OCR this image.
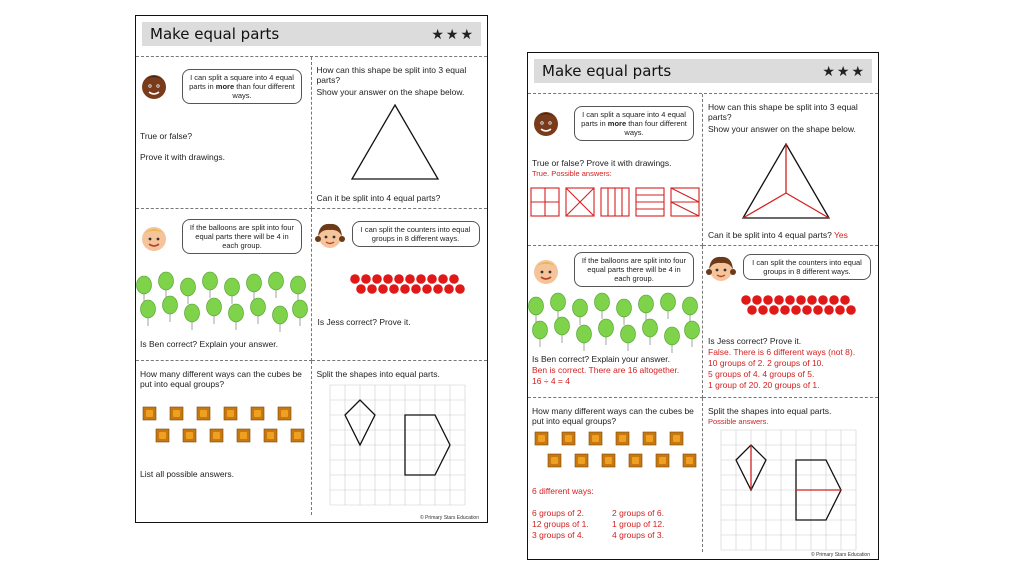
Make equal parts	★ ★ ★
I can split a square into 4 equal parts in more than four different ways.
True or false?
Prove it with drawings.
How can this shape be split into 3 equal parts?
Show your answer on the shape below.
Can it be split into 4 equal parts?
If the balloons are split into four equal parts there will be 4 in each group.
Is Ben correct? Explain your answer.
I can split the counters into equal groups in 8 different ways.
Is Jess correct? Prove it.
How many different ways can the cubes be put into equal groups?
List all possible answers.
Split the shapes into equal parts.
© Primary Stars Education
Make equal parts	★ ★ ★
I can split a square into 4 equal parts in more than four different ways.
True or false? Prove it with drawings.
True. Possible answers:
How can this shape be split into 3 equal parts?
Show your answer on the shape below.
Can it be split into 4 equal parts? Yes
If the balloons are split into four equal parts there will be 4 in each group.
Is Ben correct? Explain your answer.
Ben is correct. There are 16 altogether.
16 ÷ 4 = 4
I can split the counters into equal groups in 8 different ways.
Is Jess correct? Prove it.
False. There is 6 different ways (not 8).
10 groups of 2. 2 groups of 10.
5 groups of 4. 4 groups of 5.
1 group of 20. 20 groups of 1.
How many different ways can the cubes be put into equal groups?
6 different ways:
6 groups of 2.
12 groups of 1.
3 groups of 4.
2 groups of 6.
1 group of 12.
4 groups of 3.
Split the shapes into equal parts.
Possible answers.
© Primary Stars Education
